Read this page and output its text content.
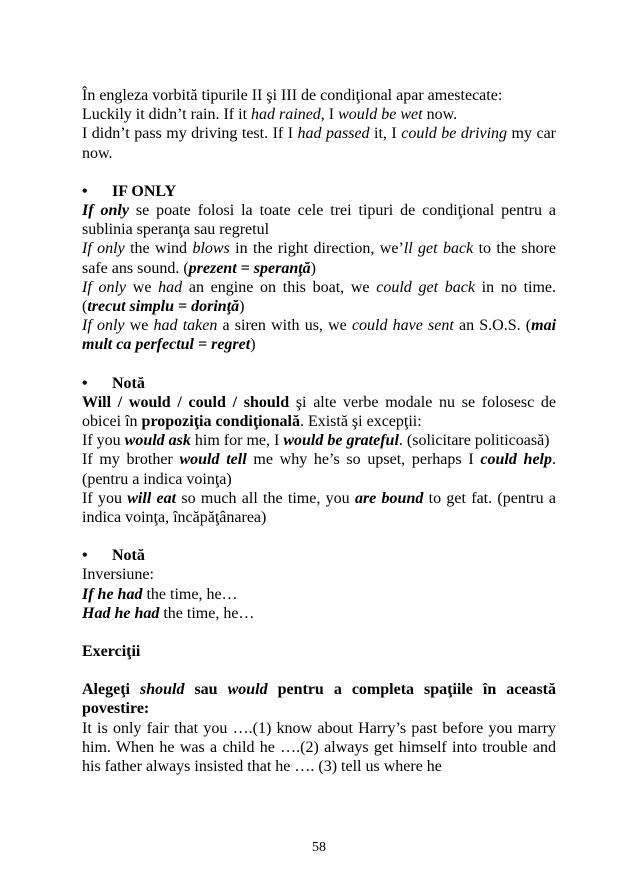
În engleza vorbită tipurile II şi III de condiţional apar amestecate:

Luckily it didn’t rain. If it had rained, I would be wet now.

I didn’t pass my driving test. If I had passed it, I could be driving my car now.

• IF ONLY

If only se poate folosi la toate cele trei tipuri de condiţional pentru a sublinia speranţa sau regretul

If only the wind blows in the right direction, we’ll get back to the shore safe ans sound. (prezent = speranţă)

If only we had an engine on this boat, we could get back in no time. (trecut simplu = dorinţă)

If only we had taken a siren with us, we could have sent an S.O.S. (mai mult ca perfectul = regret)

• Notă

Will / would / could / should şi alte verbe modale nu se folosesc de obicei în propoziţia condiţională. Există şi excepţii:

If you would ask him for me, I would be grateful. (solicitare politicoasă)

If my brother would tell me why he’s so upset, perhaps I could help. (pentru a indica voinţa)

If you will eat so much all the time, you are bound to get fat. (pentru a indica voinţa, încăpăţânarea)

• Notă

Inversiune:

If he had the time, he…

Had he had the time, he…

Exerciţii

Alegeţi should sau would pentru a completa spaţiile în această povestire:

It is only fair that you ….(1) know about Harry’s past before you marry him. When he was a child he ….(2) always get himself into trouble and his father always insisted that he …. (3) tell us where he

58
